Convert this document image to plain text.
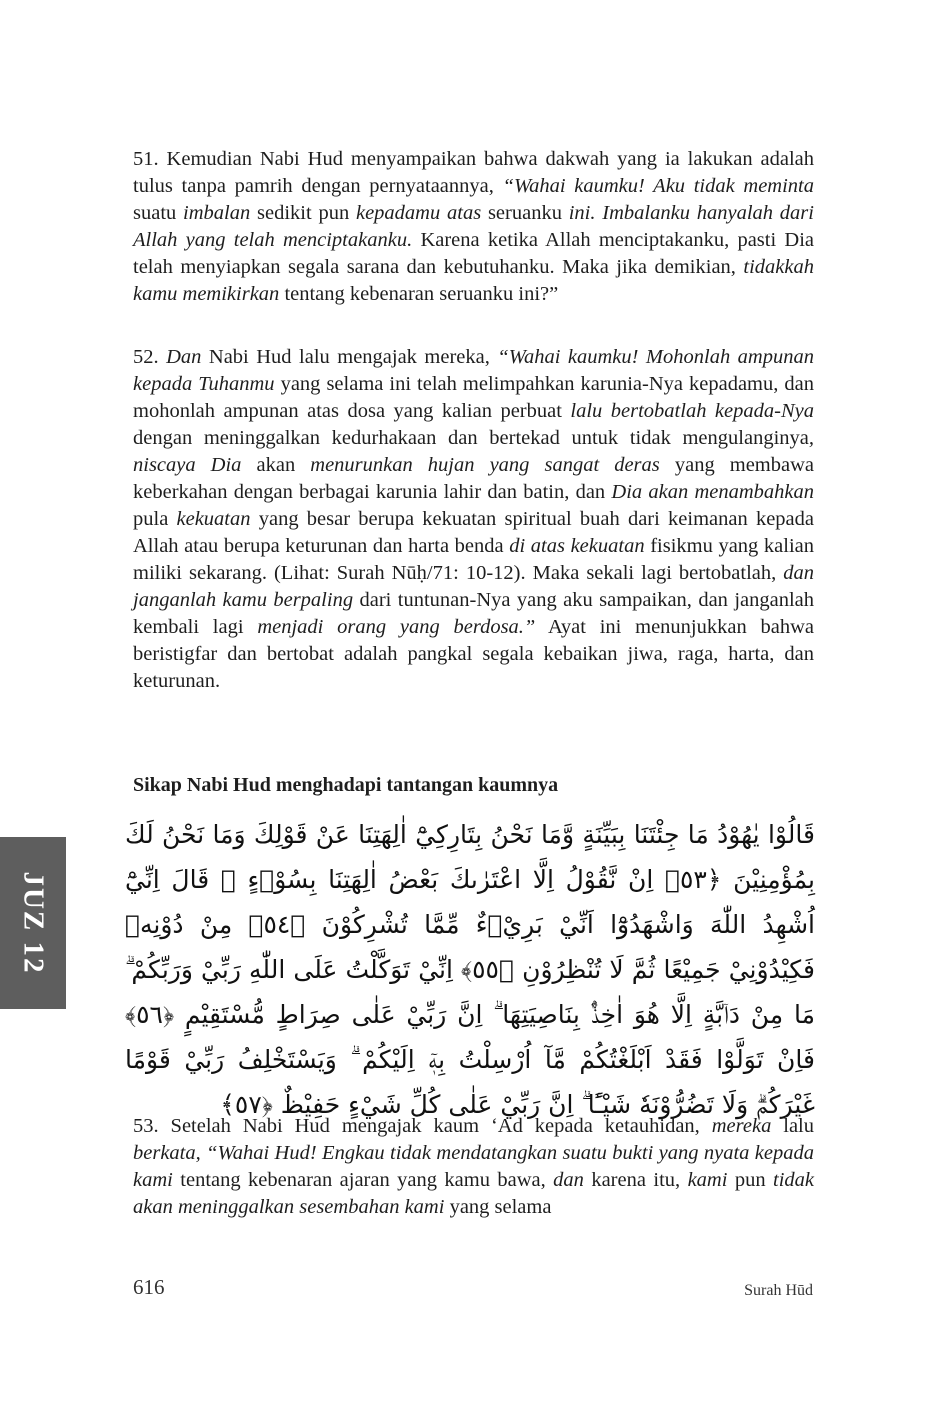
JUZ 12

51. Kemudian Nabi Hud menyampaikan bahwa dakwah yang ia lakukan adalah tulus tanpa pamrih dengan pernyataannya, “Wahai kaumku! Aku tidak meminta suatu imbalan sedikit pun kepadamu atas seruanku ini. Imbalanku hanyalah dari Allah yang telah menciptakanku. Karena ketika Allah menciptakanku, pasti Dia telah menyiapkan segala sarana dan kebutuhanku. Maka jika demikian, tidakkah kamu memikirkan tentang kebenaran seruanku ini?”

52. Dan Nabi Hud lalu mengajak mereka, “Wahai kaumku! Mohonlah ampunan kepada Tuhanmu yang selama ini telah melimpahkan karunia-Nya kepadamu, dan mohonlah ampunan atas dosa yang kalian perbuat lalu bertobatlah kepada-Nya dengan meninggalkan kedurhakaan dan bertekad untuk tidak mengulanginya, niscaya Dia akan menurunkan hujan yang sangat deras yang membawa keberkahan dengan berbagai karunia lahir dan batin, dan Dia akan menambahkan pula kekuatan yang besar berupa kekuatan spiritual buah dari keimanan kepada Allah atau berupa keturunan dan harta benda di atas kekuatan fisikmu yang kalian miliki sekarang. (Lihat: Surah Nūḥ/71: 10-12). Maka sekali lagi bertobatlah, dan janganlah kamu berpaling dari tuntunan-Nya yang aku sampaikan, dan janganlah kembali lagi menjadi orang yang berdosa.” Ayat ini menunjukkan bahwa beristigfar dan bertobat adalah pangkal segala kebaikan jiwa, raga, harta, dan keturunan.

Sikap Nabi Hud menghadapi tantangan kaumnya
قَالُوْا يٰهُوْدُ مَا جِئْتَنَا بِبَيِّنَةٍ وَّمَا نَحْنُ بِتَارِكِيْٓ اٰلِهَتِنَا عَنْ قَوْلِكَ وَمَا نَحْنُ لَكَ بِمُؤْمِنِيْنَ ﴿٥٣﴾ اِنْ نَّقُوْلُ اِلَّا اعْتَرٰىكَ بَعْضُ اٰلِهَتِنَا بِسُوْۤءٍ ۗ قَالَ اِنِّيْٓ اُشْهِدُ اللّٰهَ وَاشْهَدُوْٓا اَنِّيْ بَرِيْۤءٌ مِّمَّا تُشْرِكُوْنَ ﴿٥٤﴾ مِنْ دُوْنِهٖ فَكِيْدُوْنِيْ جَمِيْعًا ثُمَّ لَا تُنْظِرُوْنِ ﴿٥٥﴾ اِنِّيْ تَوَكَّلْتُ عَلَى اللّٰهِ رَبِّيْ وَرَبِّكُمْ ۗ مَا مِنْ دَاۤبَّةٍ اِلَّا هُوَ اٰخِذٌۢ بِنَاصِيَتِهَا ۗ اِنَّ رَبِّيْ عَلٰى صِرَاطٍ مُّسْتَقِيْمٍ ﴿٥٦﴾ فَاِنْ تَوَلَّوْا فَقَدْ اَبْلَغْتُكُمْ مَّآ اُرْسِلْتُ بِهٖٓ اِلَيْكُمْ ۗ وَيَسْتَخْلِفُ رَبِّيْ قَوْمًا غَيْرَكُمْۗ وَلَا تَضُرُّوْنَهٗ شَيْـًٔا ۗ اِنَّ رَبِّيْ عَلٰى كُلِّ شَيْءٍ حَفِيْظٌ ﴿٥٧﴾

53. Setelah Nabi Hud mengajak kaum ‘Ad kepada ketauhidan, mereka lalu berkata, “Wahai Hud! Engkau tidak mendatangkan suatu bukti yang nyata kepada kami tentang kebenaran ajaran yang kamu bawa, dan karena itu, kami pun tidak akan meninggalkan sesembahan kami yang selama

616	Surah Hūd
